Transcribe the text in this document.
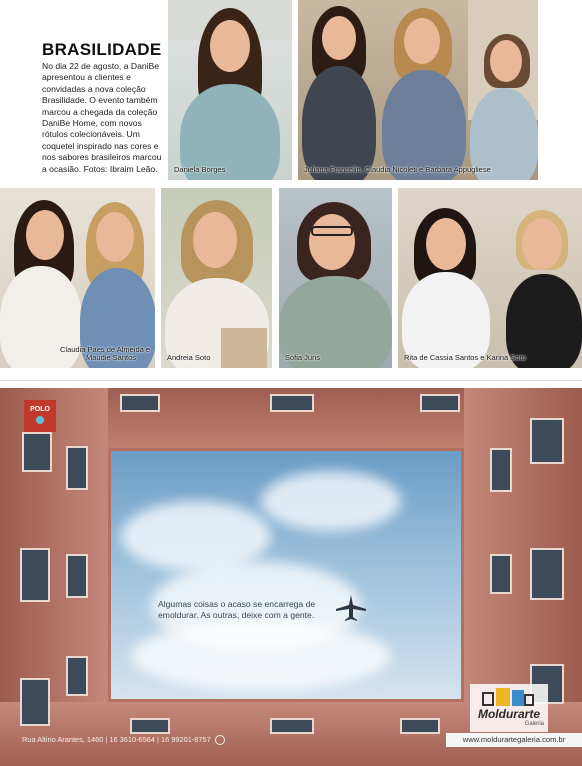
BRASILIDADE

No dia 22 de agosto, a DaniBe apresentou a clientes e convidadas a nova coleção Brasilidade. O evento também marcou a chegada da coleção DaniBe Home, com novos rótulos colecionáveis. Um coquetel inspirado nas cores e nos sabores brasileiros marcou a ocasião. Fotos: Ibraim Leão.	Daniela Borges	Juliana Francelin, Claudia Nicoleti e Barbara Appugliese
Claudia Paes de Almeida e
Maudie Santos	Andreia Soto	Sofia Juns	Rita de Cassia Santos e Karina Soto

Algumas coisas o acaso se encarrega de
emoldurar. As outras, deixe com a gente.

POLO
Moldurarte
Galeria
Rua Altino Arantes, 1460 | 16 3610-6564 | 16 99201-8757	www.moldurartegaleria.com.br
